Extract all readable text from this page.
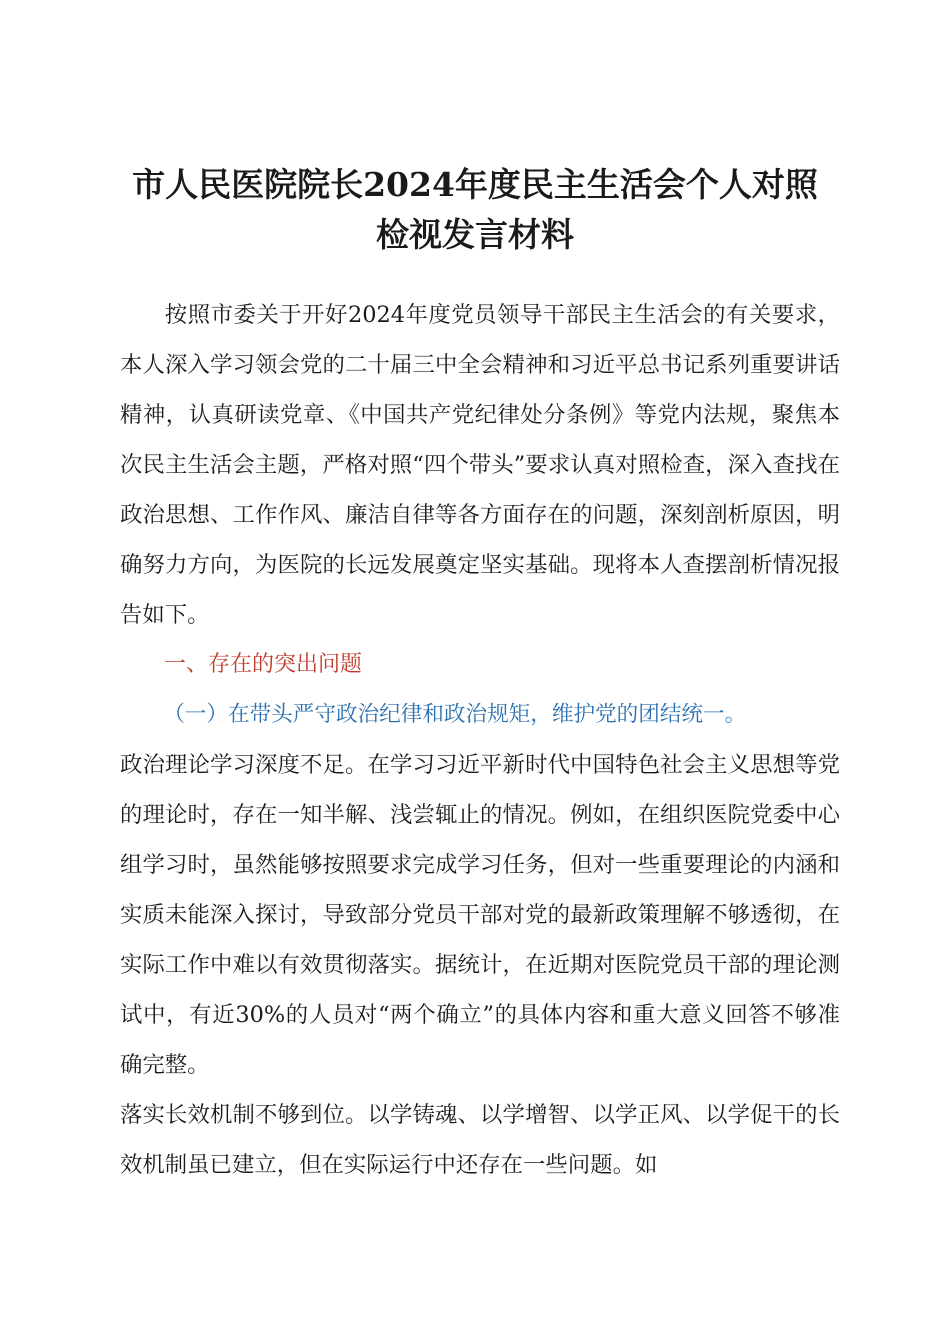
市人民医院院长2024年度民主生活会个人对照
检视发言材料

按照市委关于开好2024年度党员领导干部民主生活会的有关要求，本人深入学习领会党的二十届三中全会精神和习近平总书记系列重要讲话精神，认真研读党章、《中国共产党纪律处分条例》等党内法规，聚焦本次民主生活会主题，严格对照“四个带头”要求认真对照检查，深入查找在政治思想、工作作风、廉洁自律等各方面存在的问题，深刻剖析原因，明确努力方向，为医院的长远发展奠定坚实基础。现将本人查摆剖析情况报告如下。

一、存在的突出问题

（一）在带头严守政治纪律和政治规矩，维护党的团结统一。

政治理论学习深度不足。在学习习近平新时代中国特色社会主义思想等党的理论时，存在一知半解、浅尝辄止的情况。例如，在组织医院党委中心组学习时，虽然能够按照要求完成学习任务，但对一些重要理论的内涵和实质未能深入探讨，导致部分党员干部对党的最新政策理解不够透彻，在实际工作中难以有效贯彻落实。据统计，在近期对医院党员干部的理论测试中，有近30%的人员对“两个确立”的具体内容和重大意义回答不够准确完整。

落实长效机制不够到位。以学铸魂、以学增智、以学正风、以学促干的长效机制虽已建立，但在实际运行中还存在一些问题。如
